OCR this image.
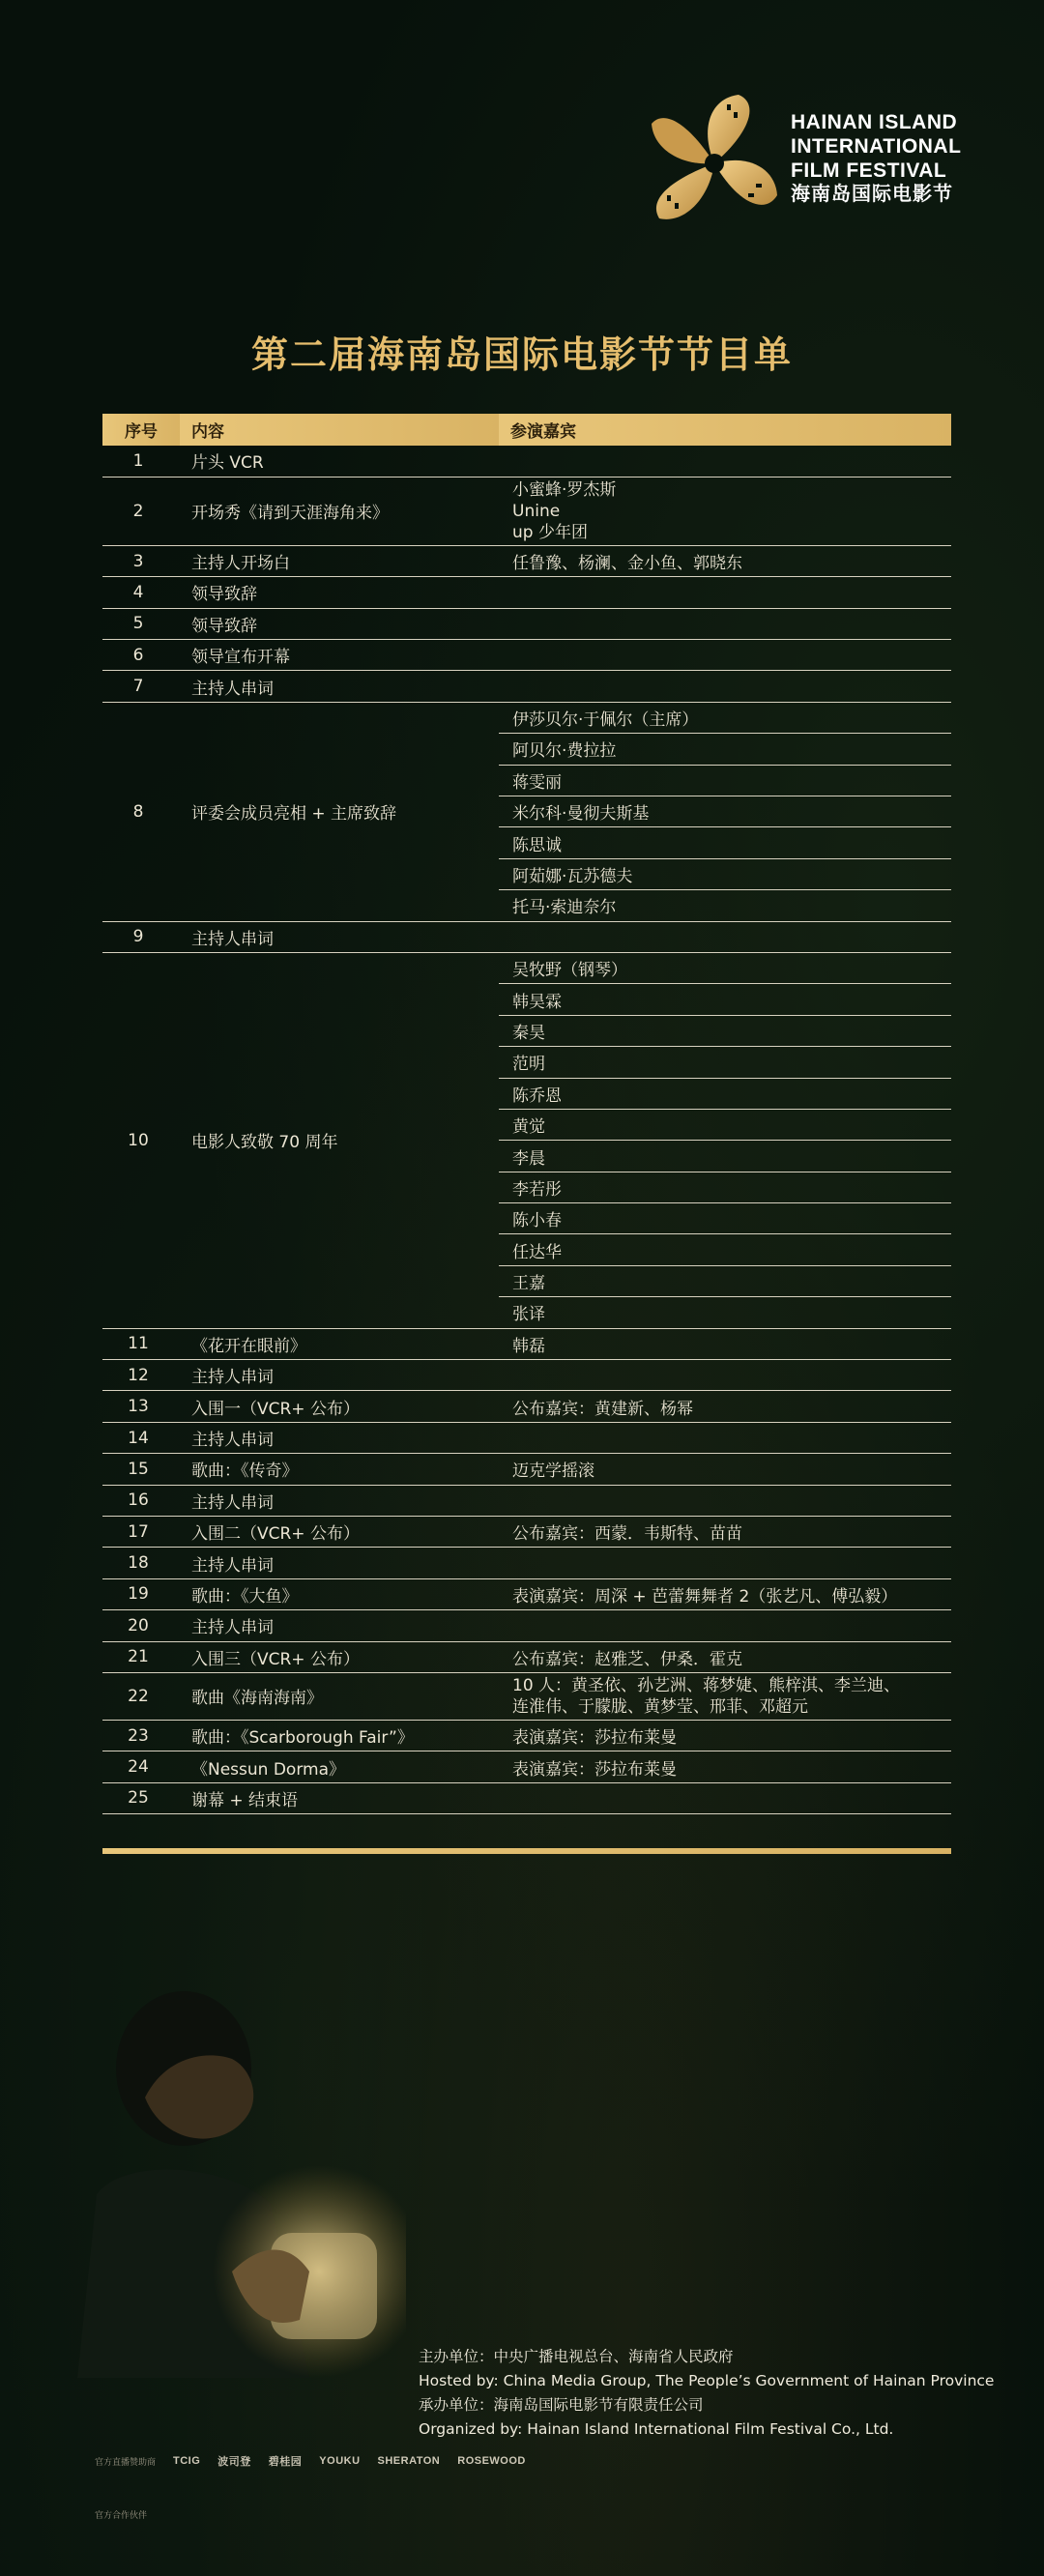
HAINAN ISLAND
INTERNATIONAL
FILM FESTIVAL
海南岛国际电影节
第二届海南岛国际电影节节目单
序号	内容	参演嘉宾
1	片头 VCR	
2	开场秀《请到天涯海角来》	小蜜蜂·罗杰斯
Unine
up 少年团
3	主持人开场白	任鲁豫、杨澜、金小鱼、郭晓东
4	领导致辞	
5	领导致辞	
6	领导宣布开幕	
7	主持人串词	
8	评委会成员亮相 + 主席致辞	伊莎贝尔·于佩尔（主席）
		阿贝尔·费拉拉
		蒋雯丽
		米尔科·曼彻夫斯基
		陈思诚
		阿茹娜·瓦苏德夫
		托马·索迪奈尔
9	主持人串词	
10	电影人致敬 70 周年	吴牧野（钢琴）
		韩昊霖
		秦昊
		范明
		陈乔恩
		黄觉
		李晨
		李若彤
		陈小春
		任达华
		王嘉
		张译
11	《花开在眼前》	韩磊
12	主持人串词	
13	入围一（VCR+ 公布）	公布嘉宾：黄建新、杨幂
14	主持人串词	
15	歌曲：《传奇》	迈克学摇滚
16	主持人串词	
17	入围二（VCR+ 公布）	公布嘉宾：西蒙．韦斯特、苗苗
18	主持人串词	
19	歌曲：《大鱼》	表演嘉宾：周深 + 芭蕾舞舞者 2（张艺凡、傅弘毅）
20	主持人串词	
21	入围三（VCR+ 公布）	公布嘉宾：赵雅芝、伊桑．霍克
22	歌曲《海南海南》	10 人：黄圣依、孙艺洲、蒋梦婕、熊梓淇、李兰迪、
连淮伟、于朦胧、黄梦莹、邢菲、邓超元
23	歌曲：《Scarborough Fair”》	表演嘉宾：莎拉布莱曼
24	《Nessun Dorma》	表演嘉宾：莎拉布莱曼
25	谢幕 + 结束语	
主办单位：中央广播电视总台、海南省人民政府
Hosted by: China Media Group, The People’s Government of Hainan Province
承办单位：海南岛国际电影节有限责任公司
Organized by: Hainan Island International Film Festival Co., Ltd.
官方直播赞助商 TCIG 波司登 碧桂园 YOUKU SHERATON ROSEWOOD
官方合作伙伴
